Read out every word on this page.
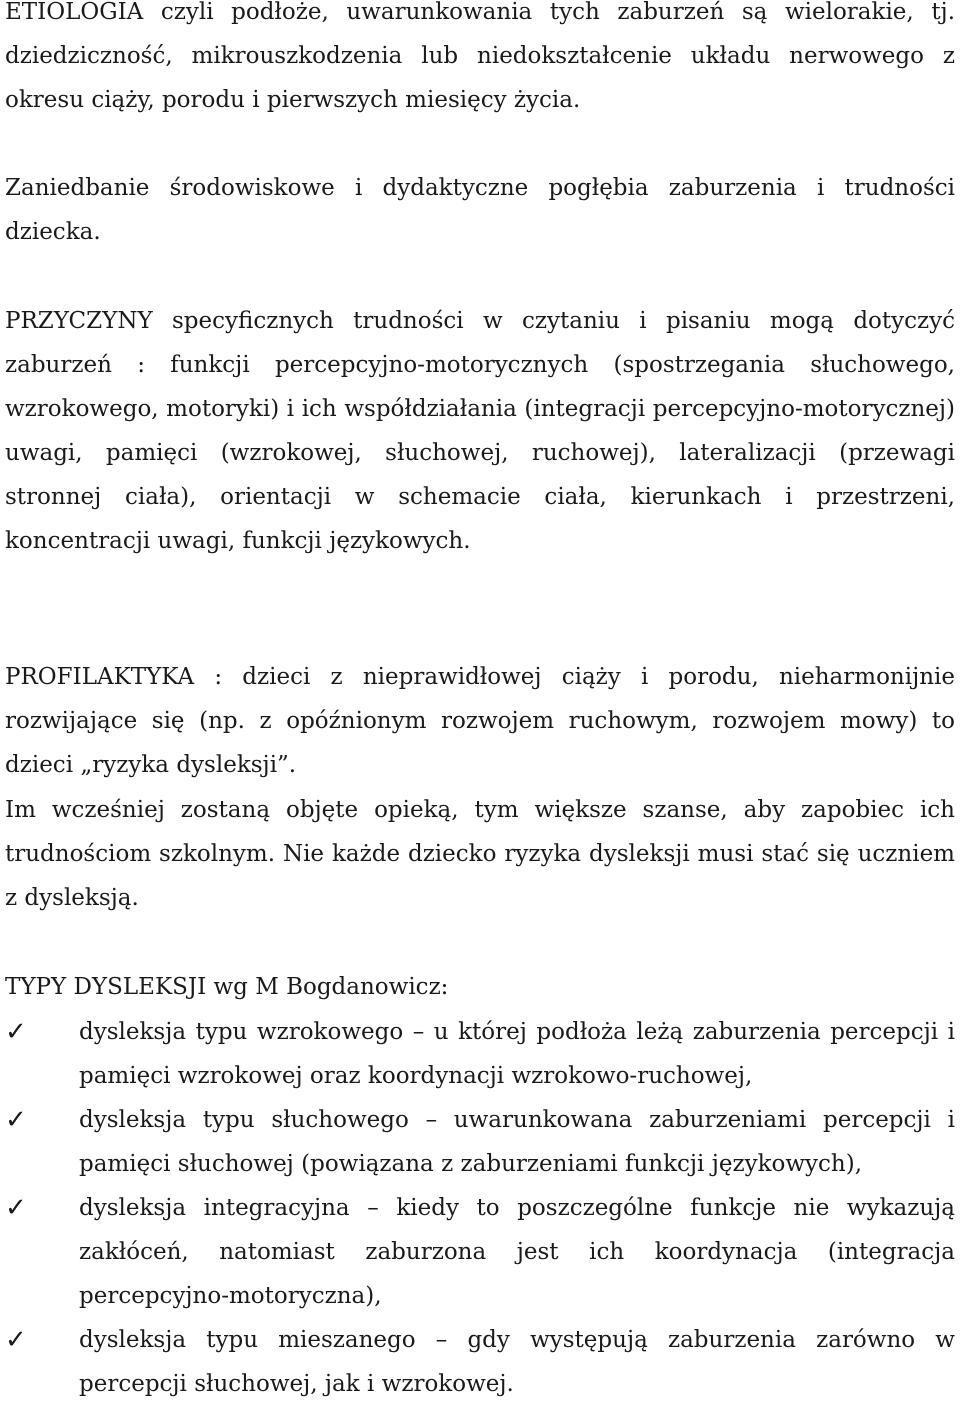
ETIOLOGIA czyli podłoże, uwarunkowania tych zaburzeń są wielorakie, tj. dziedziczność, mikrouszkodzenia lub niedokształcenie układu nerwowego z okresu ciąży, porodu i pierwszych miesięcy życia.

Zaniedbanie środowiskowe i dydaktyczne pogłębia zaburzenia i trudności dziecka.

PRZYCZYNY specyficznych trudności w czytaniu i pisaniu mogą dotyczyć zaburzeń : funkcji percepcyjno-motorycznych (spostrzegania słuchowego, wzrokowego, motoryki) i ich współdziałania (integracji percepcyjno-motorycznej) uwagi, pamięci (wzrokowej, słuchowej, ruchowej), lateralizacji (przewagi stronnej ciała), orientacji w schemacie ciała, kierunkach i przestrzeni, koncentracji uwagi, funkcji językowych.

PROFILAKTYKA : dzieci z nieprawidłowej ciąży i porodu, nieharmonijnie rozwijające się (np. z opóźnionym rozwojem ruchowym, rozwojem mowy) to dzieci „ryzyka dysleksji”.

Im wcześniej zostaną objęte opieką, tym większe szanse, aby zapobiec ich trudnościom szkolnym. Nie każde dziecko ryzyka dysleksji musi stać się uczniem z dysleksją.

TYPY DYSLEKSJI wg M Bogdanowicz:

✓	dysleksja typu wzrokowego – u której podłoża leżą zaburzenia percepcji i pamięci wzrokowej oraz koordynacji wzrokowo-ruchowej,
✓	dysleksja typu słuchowego – uwarunkowana zaburzeniami percepcji i pamięci słuchowej (powiązana z zaburzeniami funkcji językowych),
✓	dysleksja integracyjna – kiedy to poszczególne funkcje nie wykazują zakłóceń, natomiast zaburzona jest ich koordynacja (integracja percepcyjno-motoryczna),
✓	dysleksja typu mieszanego – gdy występują zaburzenia zarówno w percepcji słuchowej, jak i wzrokowej.
